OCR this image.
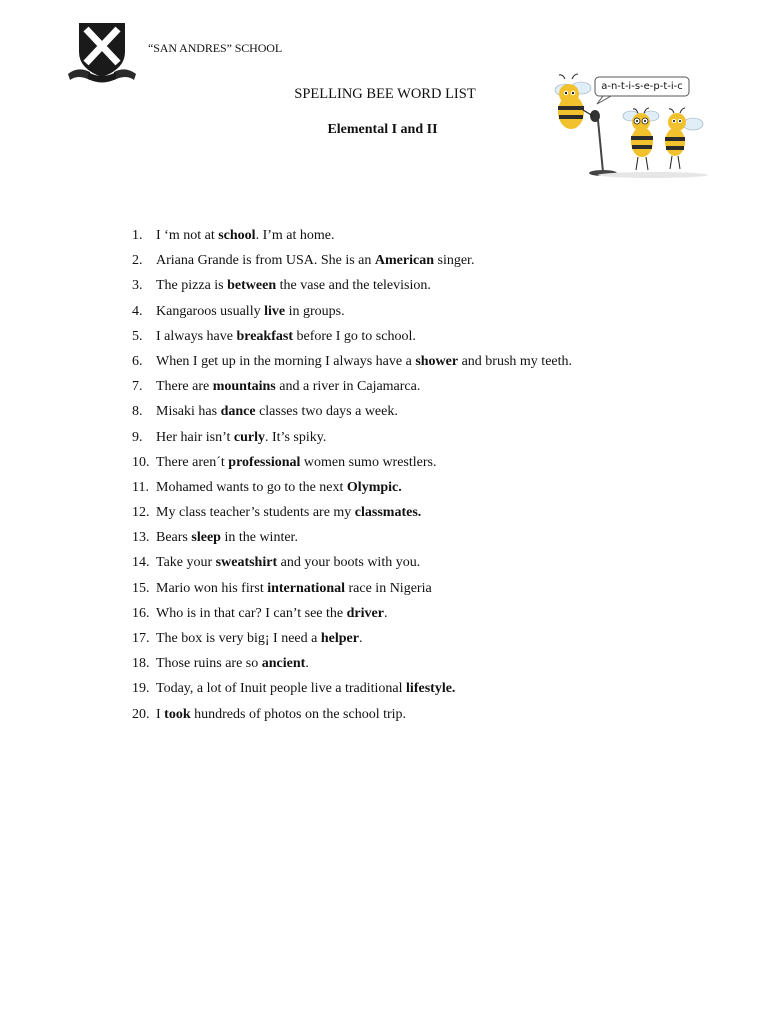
“SAN ANDRES” SCHOOL
SPELLING BEE WORD LIST
Elemental I and II
a-n-t-i-s-e-p-t-i-c
1. I ‘m not at school. I’m at home.
2. Ariana Grande is from USA. She is an American singer.
3. The pizza is between the vase and the television.
4. Kangaroos usually live in groups.
5. I always have breakfast before I go to school.
6. When I get up in the morning I always have a shower and brush my teeth.
7. There are mountains and a river in Cajamarca.
8. Misaki has dance classes two days a week.
9. Her hair isn’t curly. It’s spiky.
10. There aren´t professional women sumo wrestlers.
11. Mohamed wants to go to the next Olympic.
12. My class teacher’s students are my classmates.
13. Bears sleep in the winter.
14. Take your sweatshirt and your boots with you.
15. Mario won his first international race in Nigeria
16. Who is in that car? I can’t see the driver.
17. The box is very big¡ I need a helper.
18. Those ruins are so ancient.
19. Today, a lot of Inuit people live a traditional lifestyle.
20. I took hundreds of photos on the school trip.
